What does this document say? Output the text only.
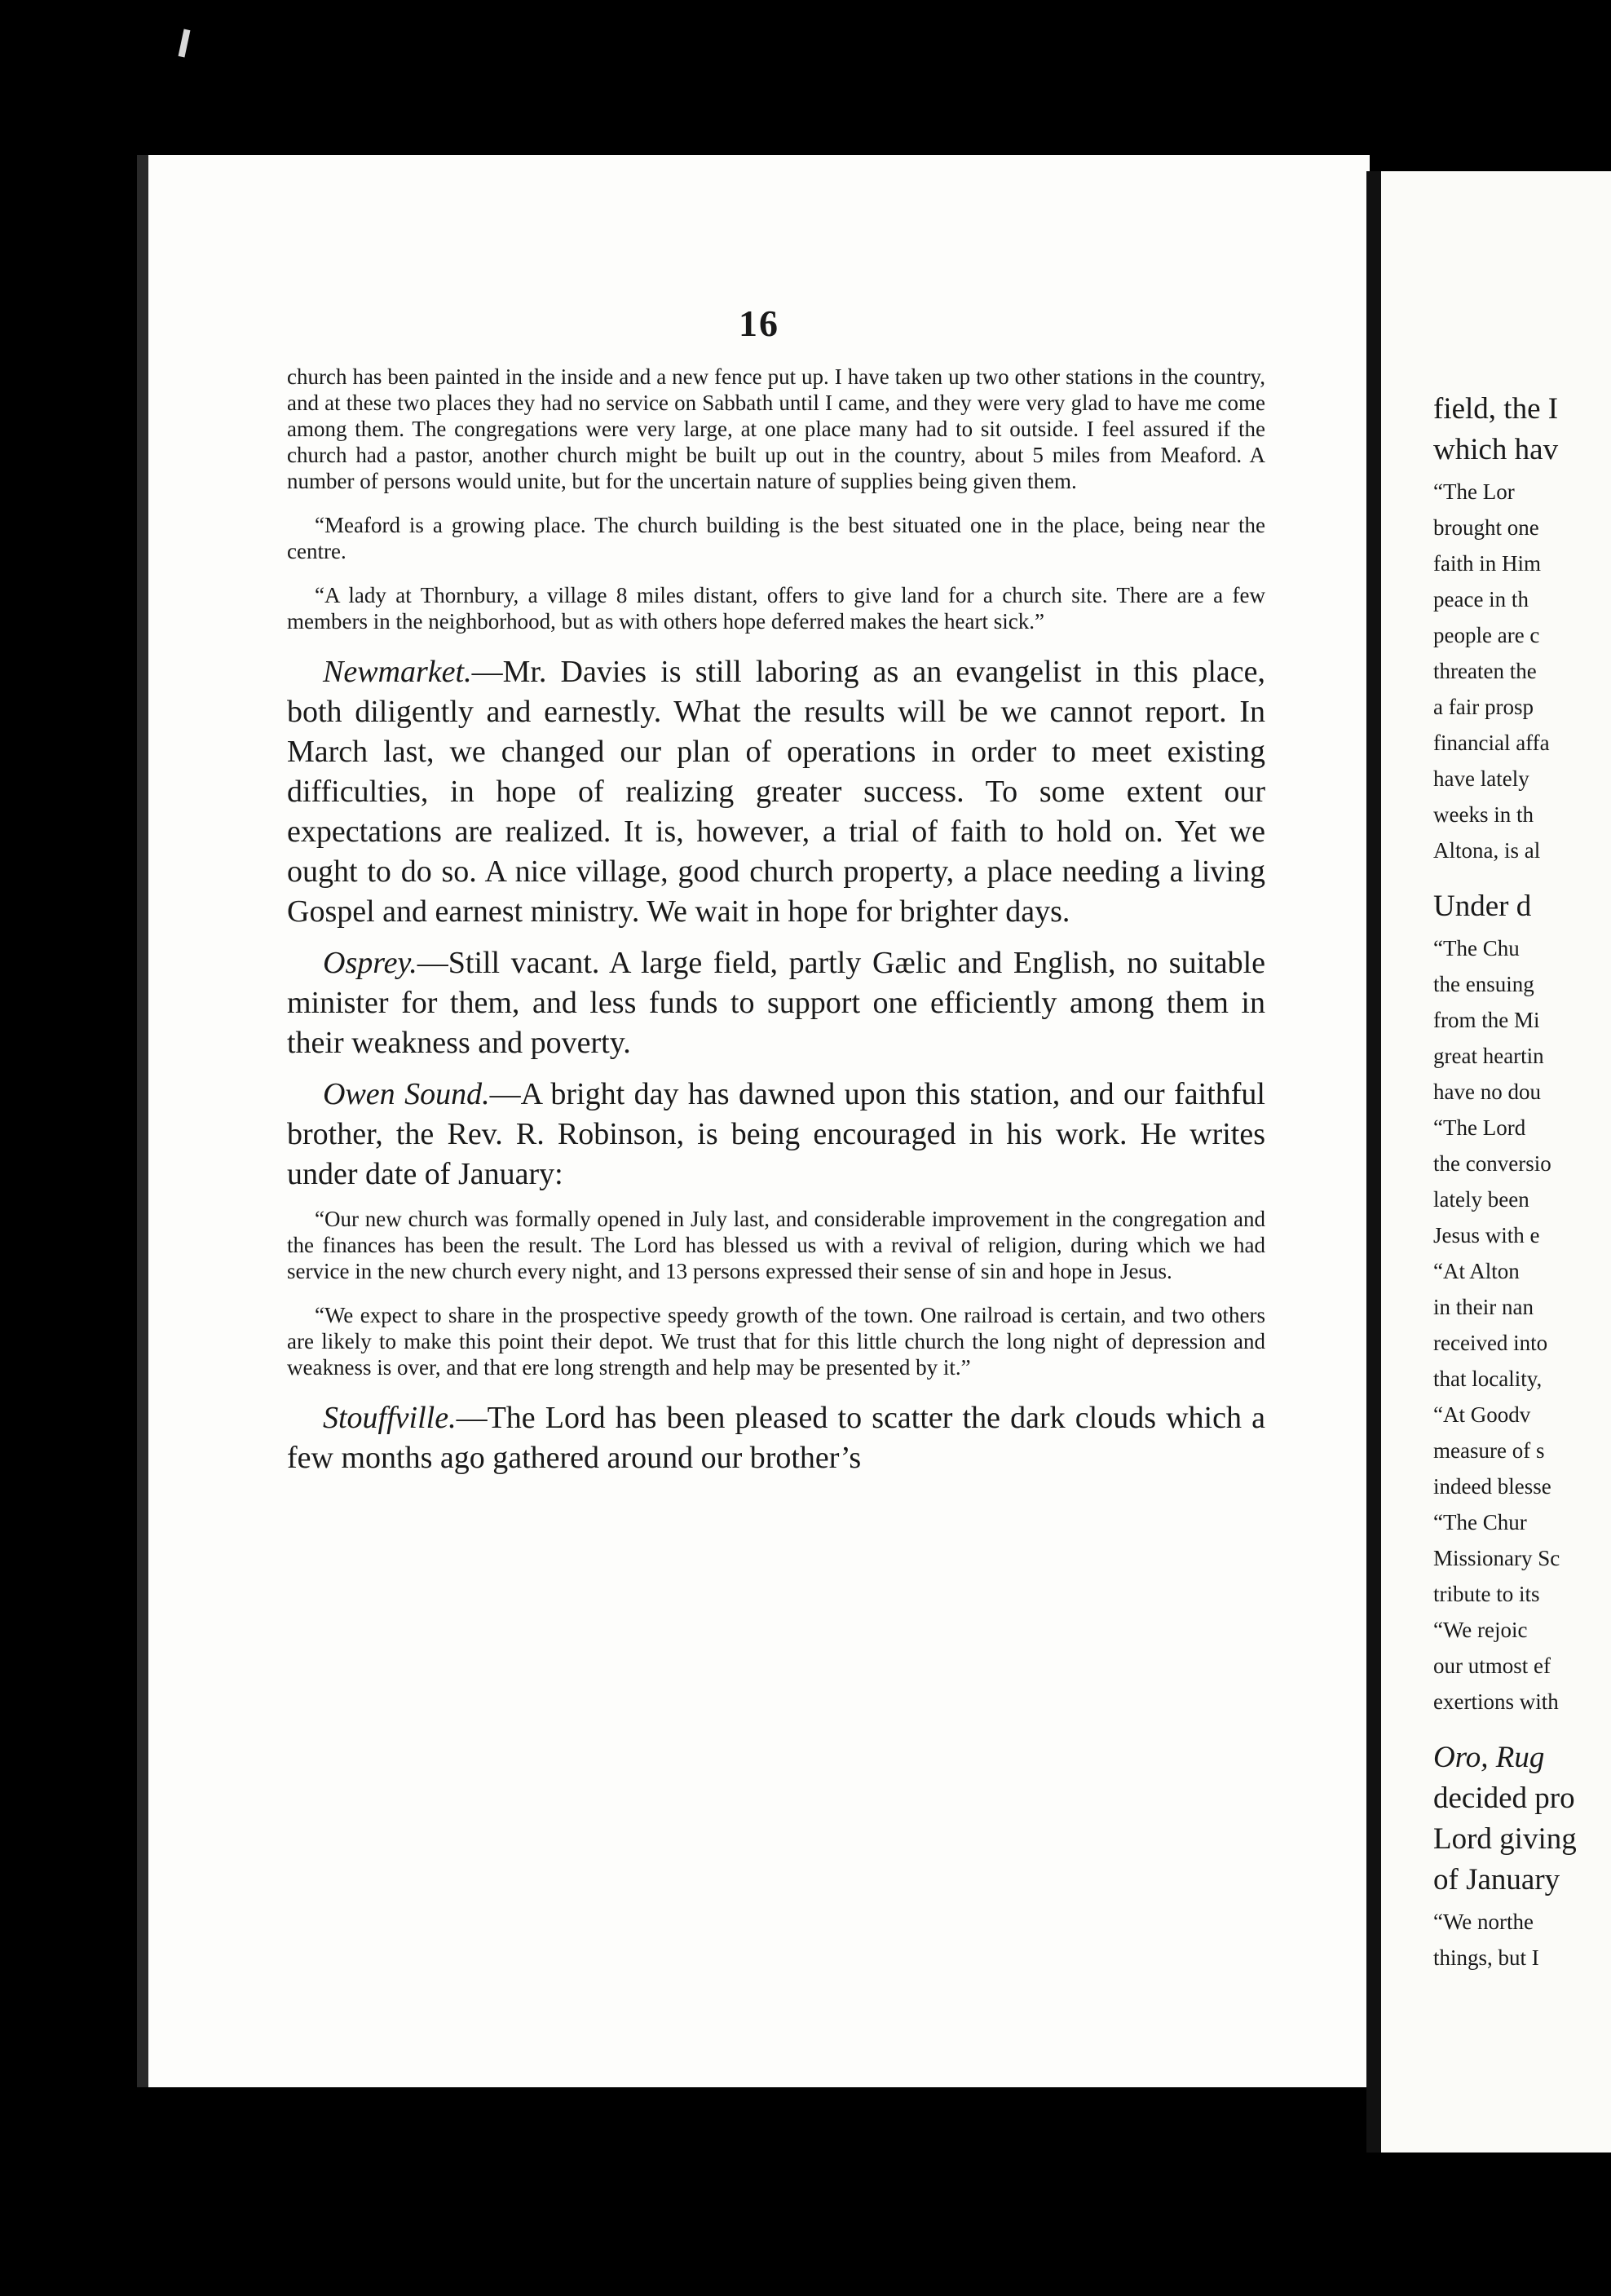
16

church has been painted in the inside and a new fence put up. I have taken up two other stations in the country, and at these two places they had no service on Sabbath until I came, and they were very glad to have me come among them. The congregations were very large, at one place many had to sit outside. I feel assured if the church had a pastor, another church might be built up out in the country, about 5 miles from Meaford. A number of persons would unite, but for the uncertain nature of supplies being given them.

“Meaford is a growing place. The church building is the best situated one in the place, being near the centre.

“A lady at Thornbury, a village 8 miles distant, offers to give land for a church site. There are a few members in the neighborhood, but as with others hope deferred makes the heart sick.”

Newmarket.—Mr. Davies is still laboring as an evangelist in this place, both diligently and earnestly. What the results will be we cannot report. In March last, we changed our plan of operations in order to meet existing difficulties, in hope of realizing greater success. To some extent our expectations are realized. It is, however, a trial of faith to hold on. Yet we ought to do so. A nice village, good church property, a place needing a living Gospel and earnest ministry. We wait in hope for brighter days.

Osprey.—Still vacant. A large field, partly Gælic and English, no suitable minister for them, and less funds to support one efficiently among them in their weakness and poverty.

Owen Sound.—A bright day has dawned upon this station, and our faithful brother, the Rev. R. Robinson, is being encouraged in his work. He writes under date of January:

“Our new church was formally opened in July last, and considerable improvement in the congregation and the finances has been the result. The Lord has blessed us with a revival of religion, during which we had service in the new church every night, and 13 persons expressed their sense of sin and hope in Jesus.

“We expect to share in the prospective speedy growth of the town. One railroad is certain, and two others are likely to make this point their depot. We trust that for this little church the long night of depression and weakness is over, and that ere long strength and help may be presented by it.”

Stouffville.—The Lord has been pleased to scatter the dark clouds which a few months ago gathered around our brother’s

field, the I
which hav
“The Lor
brought one
faith in Him
peace in th
people are c
threaten the
a fair prosp
financial affa
have lately
weeks in th
Altona, is al
Under d
“The Chu
the ensuing
from the Mi
great heartin
have no dou
“The Lord
the conversio
lately been
Jesus with e
“At Alton
in their nan
received into
that locality,
“At Goodv
measure of s
indeed blesse
“The Chur
Missionary Sc
tribute to its
“We rejoic
our utmost ef
exertions with
Oro, Rug
decided pro
Lord giving
of January
“We northe
things, but I
